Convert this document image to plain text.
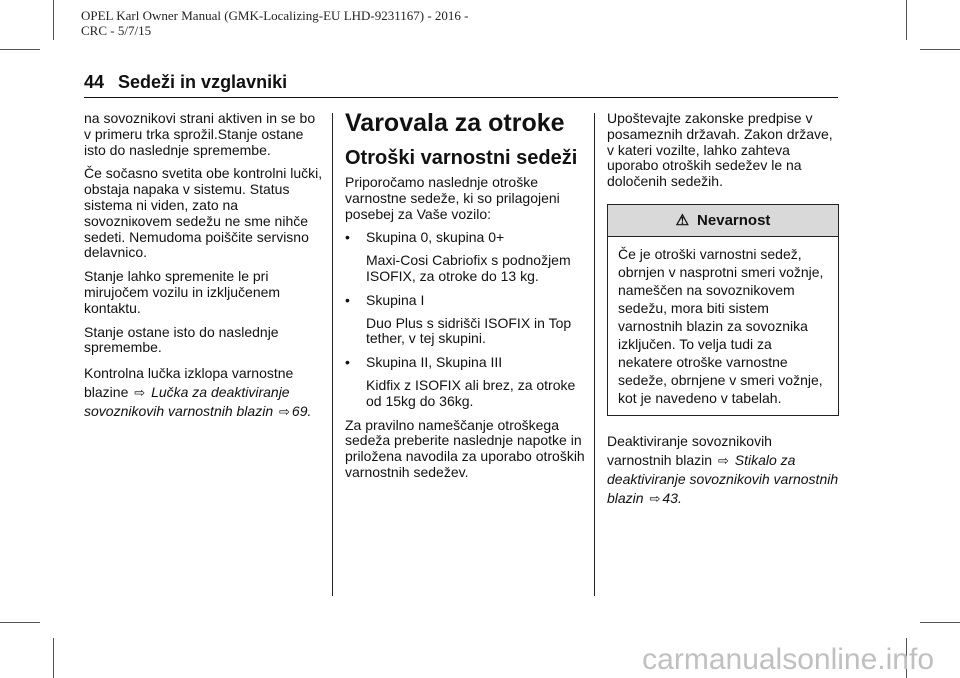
OPEL Karl Owner Manual (GMK-Localizing-EU LHD-9231167) - 2016 -
CRC - 5/7/15
44 Sedeži in vzglavniki

na sovoznikovi strani aktiven in se bo v primeru trka sprožil.Stanje ostane isto do naslednje spremembe.

Če sočasno svetita obe kontrolni lučki, obstaja napaka v sistemu. Status sistema ni viden, zato na sovozniкovem sedežu ne sme nihče sedeti. Nemudoma poiščite servisno delavnico.

Stanje lahko spremenite le pri mirujočem vozilu in izključenem kontaktu.

Stanje ostane isto do naslednje spremembe.

Kontrolna lučka izklopa varnostne blazine ⇨ Lučka za deaktiviranje sovoznikovih varnostnih blazin ⇨ 69.

Varovala za otroke
Otroški varnostni sedeži

Priporočamo naslednje otroške varnostne sedeže, ki so prilagojeni posebej za Vaše vozilo:

•	Skupina 0, skupina 0+

Maxi-Cosi Cabriofix s podnožjem ISOFIX, za otroke do 13 kg.

•	Skupina I

Duo Plus s sidrišči ISOFIX in Top tether, v tej skupini.

•	Skupina II, Skupina III

Kidfix z ISOFIX ali brez, za otroke od 15kg do 36kg.

Za pravilno nameščanje otroškega sedeža preberite naslednje napotke in priložena navodila za uporabo otroških varnostnih sedežev.

Upoštevajte zakonske predpise v posameznih državah. Zakon države, v kateri vozilte, lahko zahteva uporabo otroških sedežev le na določenih sedežih.

⚠ Nevarnost
Če je otroški varnostni sedež, obrnjen v nasprotni smeri vožnje, nameščen na sovoznikovem sedežu, mora biti sistem varnostnih blazin za sovoznika izključen. To velja tudi za nekatere otroške varnostne sedeže, obrnjene v smeri vožnje, kot je navedeno v tabelah.

Deaktiviranje sovoznikovih varnostnih blazin ⇨ Stikalo za deaktiviranje sovoznikovih varnostnih blazin ⇨ 43.

carmanualsonline.info
